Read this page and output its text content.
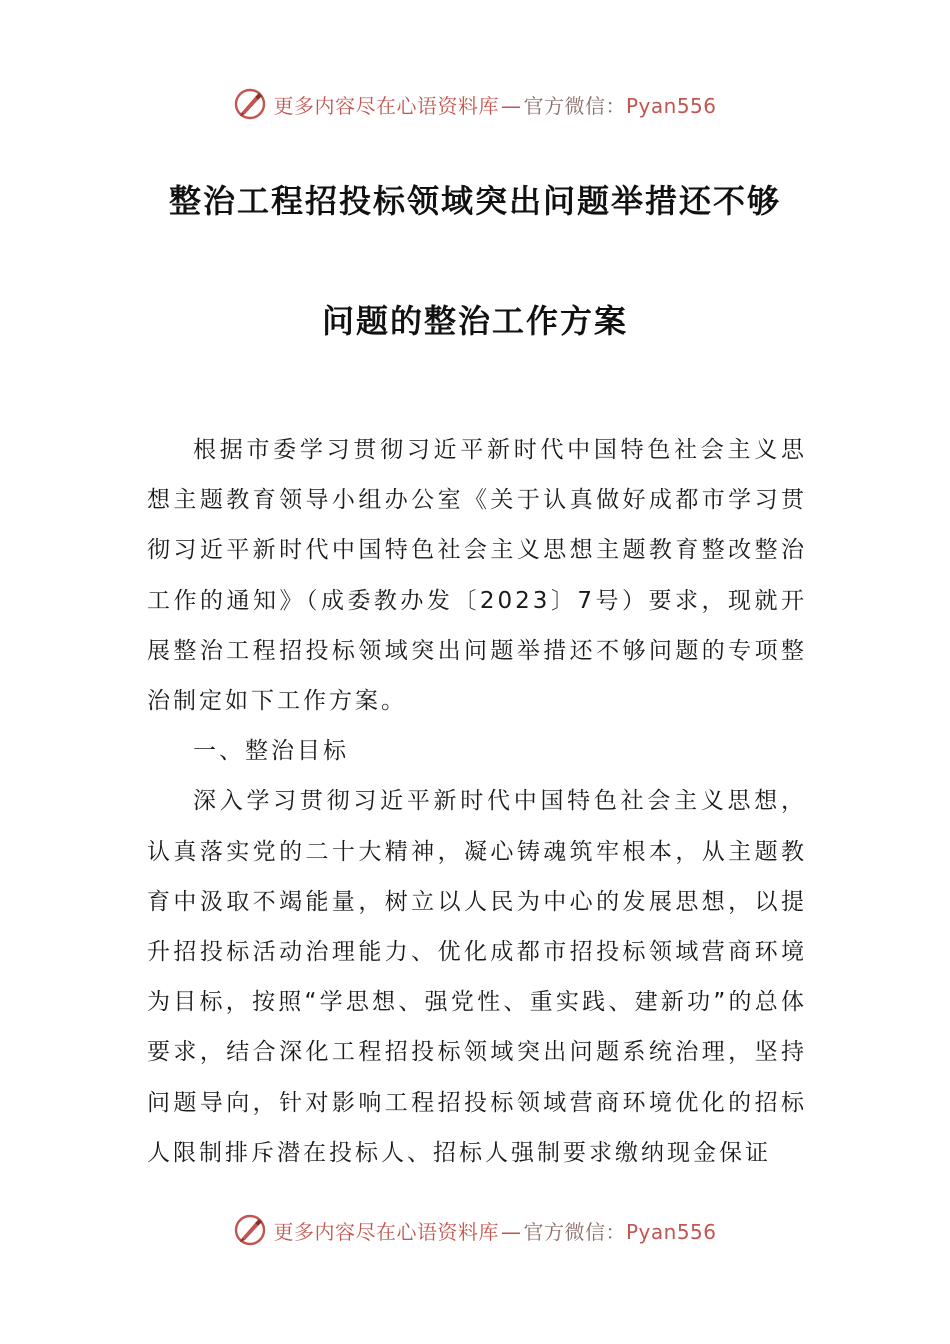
更多内容尽在心语资料库 — 官方微信：Pyan556
整治工程招投标领域突出问题举措还不够
问题的整治工作方案

根据市委学习贯彻习近平新时代中国特色社会主义思想主题教育领导小组办公室《关于认真做好成都市学习贯彻习近平新时代中国特色社会主义思想主题教育整改整治工作的通知》（成委教办发〔2023〕7号）要求，现就开展整治工程招投标领域突出问题举措还不够问题的专项整治制定如下工作方案。

一、整治目标

深入学习贯彻习近平新时代中国特色社会主义思想，认真落实党的二十大精神，凝心铸魂筑牢根本，从主题教育中汲取不竭能量，树立以人民为中心的发展思想，以提升招投标活动治理能力、优化成都市招投标领域营商环境为目标，按照“学思想、强党性、重实践、建新功”的总体要求，结合深化工程招投标领域突出问题系统治理，坚持问题导向，针对影响工程招投标领域营商环境优化的招标人限制排斥潜在投标人、招标人强制要求缴纳现金保证

更多内容尽在心语资料库 — 官方微信：Pyan556
